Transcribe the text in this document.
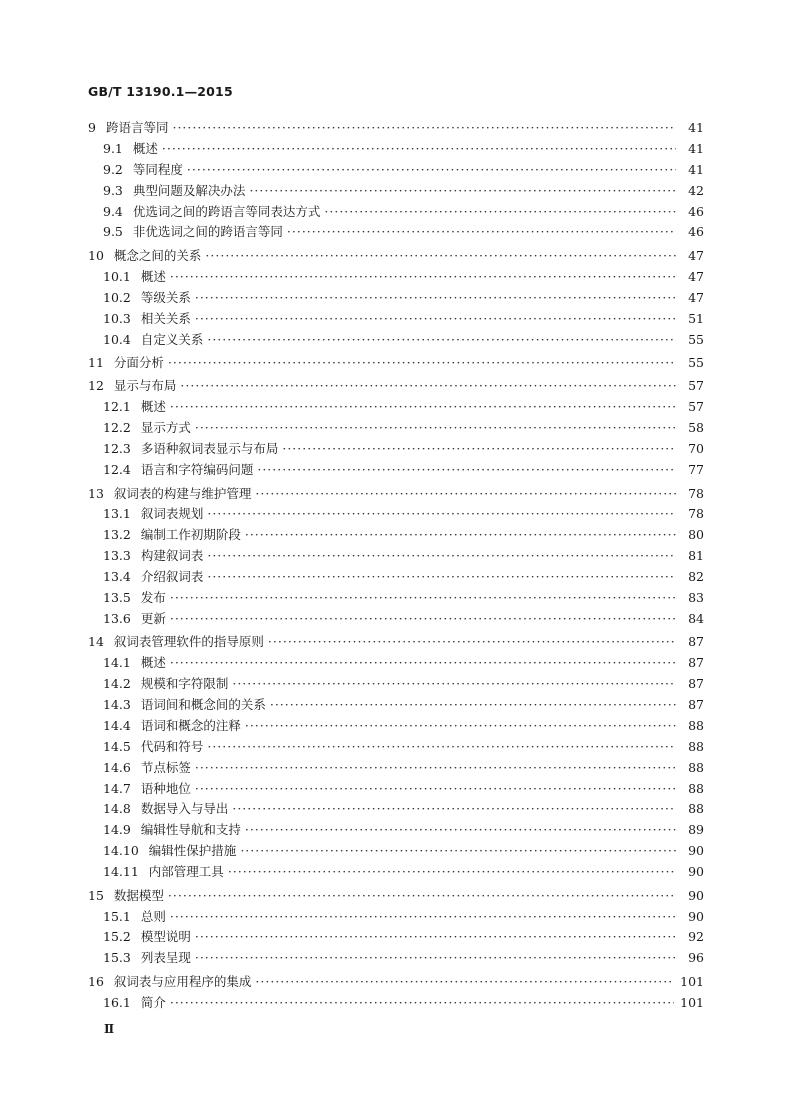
GB/T 13190.1—2015
9 跨语言等同 ·····	41
9.1 概述 ·····	41
9.2 等同程度 ·····	41
9.3 典型问题及解决办法 ·····	42
9.4 优选词之间的跨语言等同表达方式 ·····	46
9.5 非优选词之间的跨语言等同 ·····	46
10 概念之间的关系 ·····	47
10.1 概述 ·····	47
10.2 等级关系 ·····	47
10.3 相关关系 ·····	51
10.4 自定义关系 ·····	55
11 分面分析 ·····	55
12 显示与布局 ·····	57
12.1 概述 ·····	57
12.2 显示方式 ·····	58
12.3 多语种叙词表显示与布局 ·····	70
12.4 语言和字符编码问题 ·····	77
13 叙词表的构建与维护管理 ·····	78
13.1 叙词表规划 ·····	78
13.2 编制工作初期阶段 ·····	80
13.3 构建叙词表 ·····	81
13.4 介绍叙词表 ·····	82
13.5 发布 ·····	83
13.6 更新 ·····	84
14 叙词表管理软件的指导原则 ·····	87
14.1 概述 ·····	87
14.2 规模和字符限制 ·····	87
14.3 语词间和概念间的关系 ·····	87
14.4 语词和概念的注释 ·····	88
14.5 代码和符号 ·····	88
14.6 节点标签 ·····	88
14.7 语种地位 ·····	88
14.8 数据导入与导出 ·····	88
14.9 编辑性导航和支持 ·····	89
14.10 编辑性保护措施 ·····	90
14.11 内部管理工具 ·····	90
15 数据模型 ·····	90
15.1 总则 ·····	90
15.2 模型说明 ·····	92
15.3 列表呈现 ·····	96
16 叙词表与应用程序的集成 ·····	101
16.1 简介 ·····	101
Ⅱ
